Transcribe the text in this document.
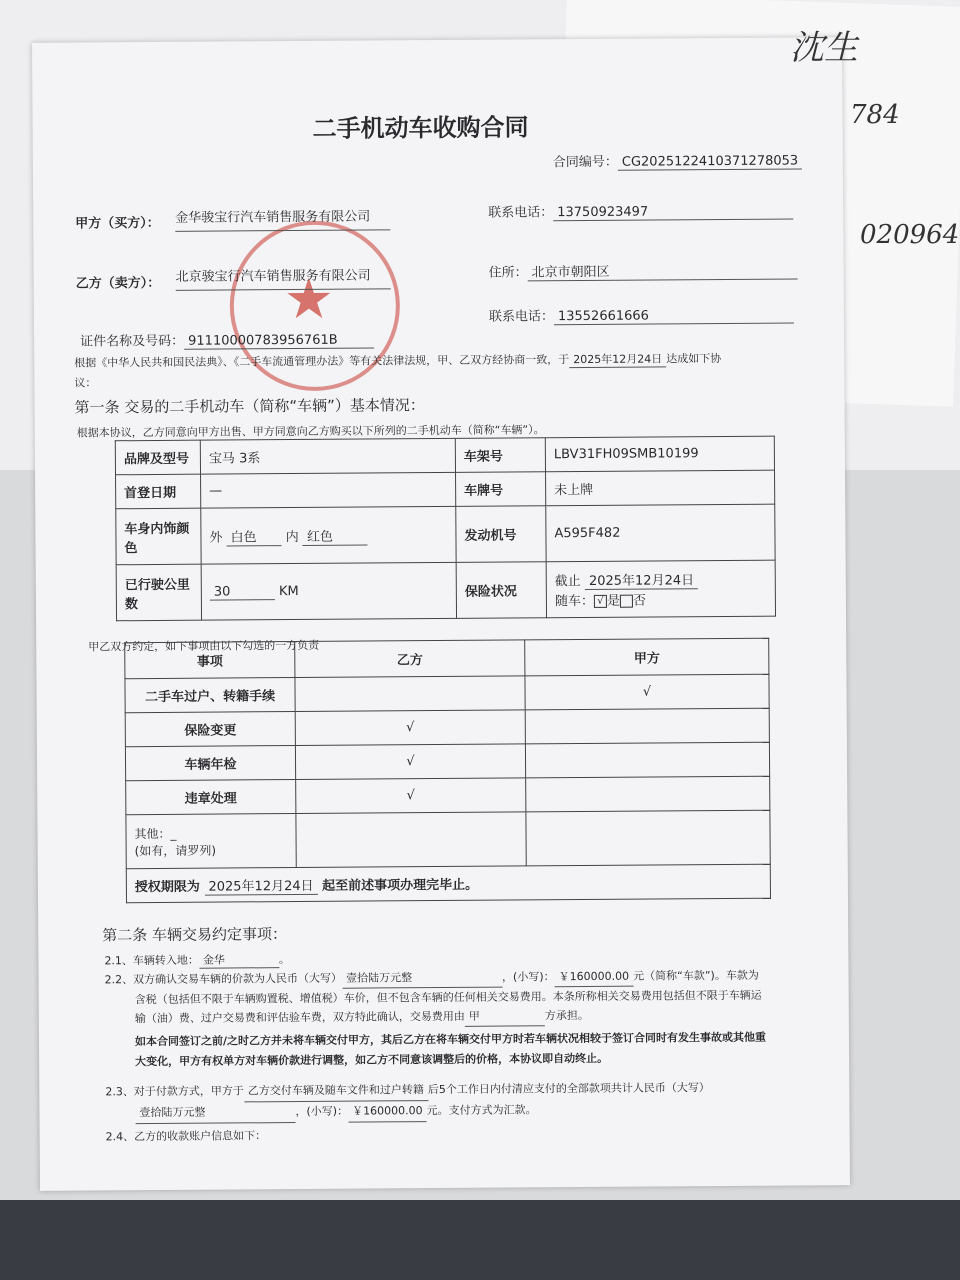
沈生
784
020964
★
二手机动车收购合同
合同编号： CG2025122410371278053
甲方（买方）： 金华骏宝行汽车销售服务有限公司	联系电话： 13750923497
乙方（卖方）： 北京骏宝行汽车销售服务有限公司	住所： 北京市朝阳区
联系电话： 13552661666
证件名称及号码： 91110000783956761B
根据《中华人民共和国民法典》、《二手车流通管理办法》等有关法律法规，甲、乙双方经协商一致，于 2025年12月24日 达成如下协
议：
第一条 交易的二手机动车（简称“车辆”）基本情况：
根据本协议，乙方同意向甲方出售、甲方同意向乙方购买以下所列的二手机动车（简称“车辆”）。
品牌及型号	宝马 3系	车架号	LBV31FH09SMB10199
首登日期	—	车牌号	未上牌
车身内饰颜色	外 白色 内 红色	发动机号	A595F482
已行驶公里数	30 KM	保险状况	截止 2025年12月24日
随车： √ 是 否
甲乙双方约定，如下事项由以下勾选的一方负责
事项	乙方	甲方
二手车过户、转籍手续		√
保险变更	√	
车辆年检	√	
违章处理	√	
其他：_
(如有，请罗列)		
授权期限为 2025年12月24日 起至前述事项办理完毕止。		
第二条 车辆交易约定事项：
2.1、车辆转入地： 金华	。
2.2、双方确认交易车辆的价款为人民币（大写） 壹拾陆万元整	，(小写)： ￥160000.00 元（简称“车款”)。车款为
含税（包括但不限于车辆购置税、增值税）车价，但不包含车辆的任何相关交易费用。本条所称相关交易费用包括但不限于车辆运
输（油）费、过户交易费和评估验车费，双方特此确认，交易费用由 甲	方承担。
如本合同签订之前/之时乙方并未将车辆交付甲方，其后乙方在将车辆交付甲方时若车辆状况相较于签订合同时有发生事故或其他重
大变化，甲方有权单方对车辆价款进行调整，如乙方不同意该调整后的价格，本协议即自动终止。
2.3、对于付款方式，甲方于 乙方交付车辆及随车文件和过户转籍 后5个工作日内付清应支付的全部款项共计人民币（大写）
壹拾陆万元整	，(小写)： ￥160000.00 元。支付方式为汇款。
2.4、乙方的收款账户信息如下：
